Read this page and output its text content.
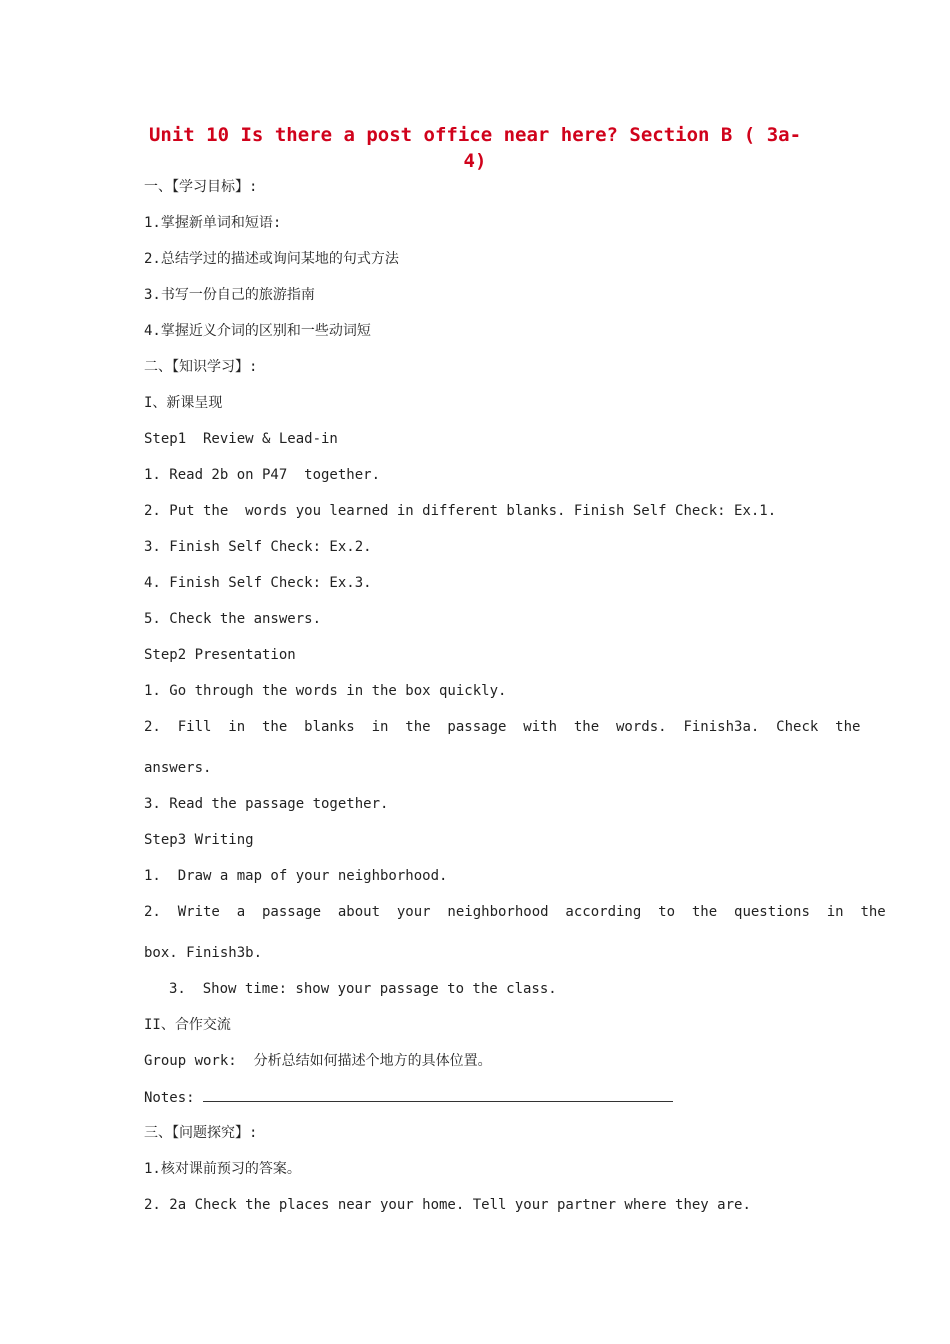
Unit 10 Is there a post office near here? Section B ( 3a-
4)
一、【学习目标】:
1.掌握新单词和短语:
2.总结学过的描述或询问某地的句式方法
3.书写一份自己的旅游指南
4.掌握近义介词的区别和一些动词短
二、【知识学习】:
I、新课呈现
Step1  Review & Lead-in
1. Read 2b on P47  together.
2. Put the  words you learned in different blanks. Finish Self Check: Ex.1.
3. Finish Self Check: Ex.2.
4. Finish Self Check: Ex.3.
5. Check the answers.
Step2 Presentation
1. Go through the words in the box quickly.
2.  Fill  in  the  blanks  in  the  passage  with  the  words.  Finish3a.  Check  the
answers.
3. Read the passage together.
Step3 Writing
1.  Draw a map of your neighborhood.
2.  Write  a  passage  about  your  neighborhood  according  to  the  questions  in  the
box. Finish3b.
3.  Show time: show your passage to the class.
II、合作交流
Group work:  分析总结如何描述个地方的具体位置。
Notes:
三、【问题探究】:
1.核对课前预习的答案。
2. 2a Check the places near your home. Tell your partner where they are.
